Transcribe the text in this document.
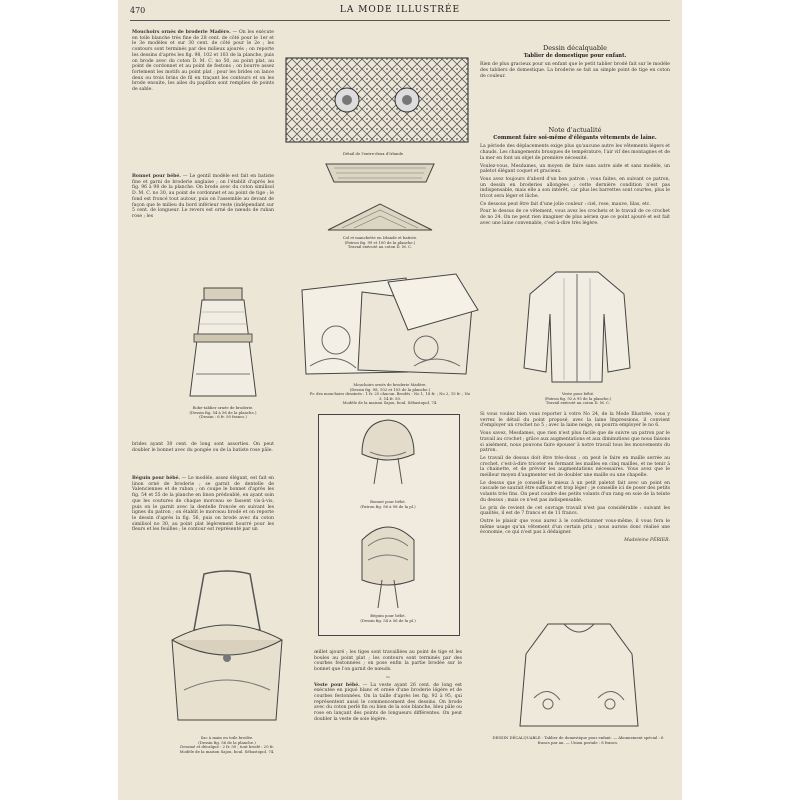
470	LA MODE ILLUSTRÉE

Mouchoirs ornés de broderie Madère. — On les exécute en toile blanche très fine de 28 cent. de côté pour le 1er et le 3e modèles et sur 30 cent. de côté pour le 2e ; les contours sont terminés par des milieux ajourés ; on reporte les dessins d'après les fig. 98, 102 et 103 de la planche, puis on brode avec du coton D. M. C. no 50, au point plat, au point de cordonnet et au point de festons ; on bourre assez fortement les motifs au point plat ; pour les brides on lance deux ou trois brins de fil en traçant les contours et on les brode ensuite, les ailes du papillon sont remplies de points de sable.

Bonnet pour bébé. — Le gentil modèle est fait en batiste fine et garni de broderie anglaise ; on l'établit d'après les fig. 96 à 98 de la planche. On brode avec du coton similisol D. M. C. no 30, au point de cordonnet et au point de tige ; le fond est froncé tout autour, puis on l'assemble au devant de façon que le milieu du bord inférieur reste (indépendant sur 5 cent. de longueur. Le revers est orné de nœuds de ruban rose ; les

brides ayant 30 cent. de long sont assorties. On peut doubler le bonnet avec du pongée ou de la batiste rose pâle.

Béguin pour bébé. — Le modèle, assez élégant, est fait en linon orné de broderie ; se garnit de dentelle de Valenciennes et de ruban ; on coupe le bonnet d'après les fig. 54 et 55 de la planche en linon prédoublé, en ayant soin que les coutures de chaque morceau se fassent vis-à-vis, puis on le garnit avec la dentelle froncée en suivant les lignes du patron ; on établit le morceau brodé et on reporte le dessin d'après la fig. 56, puis on brode avec du coton similisol no 30, au point plat légèrement bourré pour les fleurs et les feuilles ; le contour est représenté par un

œillet ajouré ; les tiges sont travaillées au point de tige et les boules au point plat ; les contours sont terminés par des courbes festonnées ; on pose enfin la partie brodée sur le bonnet que l'on garnit de nœuds.

~

Veste pour bébé. — La veste ayant 26 cent. de long est exécutée en piqué blanc et ornée d'une broderie légère et de courbes festonnées. On la taille d'après les fig. 92 à 95, qui représentent aussi le commencement des dessins. On brode avec du coton perlé fin ou bien de la soie blanche, bleu pâle ou rose en lançant des points de longueurs différentes. On peut doubler la veste de soie légère.

Dessin décalquable
Tablier de domestique pour enfant.

Rien de plus gracieux pour un enfant que le petit tablier brodé fait sur le modèle des tabliers de domestique. La broderie se fait au simple point de tige en coton de couleur.

Note d'actualité
Comment faire soi-même d'élégants vêtements de laine.

La période des déplacements exige plus qu'aucune autre les vêtements légers et chauds. Les changements brusques de température, l'air vif des montagnes et de la mer en font un objet de première nécessité.

Voulez-vous, Mesdames, un moyen de faire sans autre aide et sans modèle, un paletot élégant coquet et gracieux.

Vous avez toujours d'abord d'un bon patron ; vous faites, en suivant ce patron, un dessin en broderies allongées ; cette dernière condition n'est pas indispensable, mais elle a son intérêt, car plus les barrettes sont courtes, plus le tricot sera léger et lâche.

Ce dessous peut être fait d'une jolie couleur : ciel, rose, mauve, lilas, etc.

Pour le dessus de ce vêtement, vous avez les crochets et le travail de ce crochet de no 24. On ne peut rien imaginer de plus aérien que ce point ajouré et est fait avec une laine convenable, c'est-à-dire très légère.

Si vous voulez bien vous reporter à votre No 24, de la Mode Illustrée, vous y verrez le détail du point proposé, avec la laine Impressions, il convient d'employer un crochet no 5 ; avec la laine neige, on pourra employer le no 6.

Vous savez, Mesdames, que rien n'est plus facile que de suivre un patron par le travail au crochet ; grâce aux augmentations et aux diminutions que nous faisons si aisément, nous pouvons faire épouser à notre travail tous les mouvements du patron.

Le travail de dessus doit être très-doux ; on peut le faire en maille serrée au crochet, c'est-à-dire tricoter en fermant les mailles en cinq mailles, et ne tenir à la chainette, et de prévoir les augmentations nécessaires. Vous avez que le meilleur moyen d'augmenter est de doubler une maille ou une chapelle.

Le dessus que je conseille le mieux à un petit paletot fait avec un point en cascade ne saurait être suffisant et trop léger ; je conseille ici de poser des petits volants très fins. On peut coudre des petits volants d'un rang en soie de la teinte du dessus ; mais ce n'est pas indispensable.

Le prix de revient de cet ouvrage travail n'est pas considérable : suivant les qualités, il est de 7 francs et de 11 francs.

Outre le plaisir que vous aurez à le confectionner vous-même, il vous fera le même usage qu'un vêtement d'un certain prix ; nous aurons donc réalisé une économie, ce qui n'est pas à dédaigner.

Madeleine PÉRIER.

Détail de l'entre-deux d'Irlande
Col et manchette en Irlande et batiste.
(Patron fig. 99 et 100 de la planche.)
Travail exécuté au coton D. M. C.
Mouchoirs ornés de broderie Madère.
(Dessin fig. 98, 102 et 103 de la planche.)
Pr. des mouchoirs dessinés : 1 fr. 25 chacun. Brodés : No 1, 18 fr. ; No 2, 15 fr. ; No 3, 14 fr. 50.
Modèle de la maison Sajou, boul. Sébastopol, 74.
Robe-tablier ornée de broderie.
(Dessin fig. 54 à 56 de la planche.)
(Dessin : 6 fr. 50 francs.)
Veste pour bébé.
(Patron fig. 92 à 95 de la planche.)
Travail exécuté au coton D. M. C.
Bonnet pour bébé.
(Patron fig. 96 à 98 de la pl.)
Béguin pour bébé.
(Dessin fig. 54 à 56 de la pl.)
Sac à main en toile brodée.
(Dessin fig. 56 de la planche.)
Dessiné et décalqué : 2 fr. 50 ; tout brodé : 20 fr.
Modèle de la maison Sajou, boul. Sébastopol, 74.
DESSIN DÉCALQUABLE : Tablier de domestique pour enfant. — Abonnement spécial : 6 francs par an. — Union postale : 8 francs.
